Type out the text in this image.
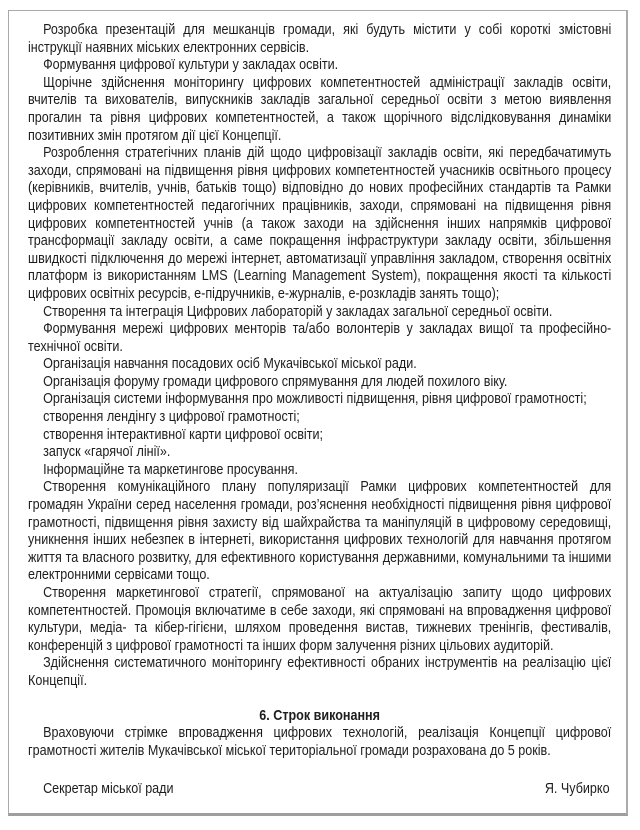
Розробка презентацій для мешканців громади, які будуть містити у собі короткі змістовні інструкції наявних міських електронних сервісів.

Формування цифрової культури у закладах освіти.

Щорічне здійснення моніторингу цифрових компетентностей адміністрації закладів освіти, вчителів та вихователів, випускників закладів загальної середньої освіти з метою виявлення прогалин та рівня цифрових компетентностей, а також щорічного відслідковування динаміки позитивних змін протягом дії цієї Концепції.

Розроблення стратегічних планів дій щодо цифровізації закладів освіти, які передбачатимуть заходи, спрямовані на підвищення рівня цифрових компетентностей учасників освітнього процесу (керівників, вчителів, учнів, батьків тощо) відповідно до нових професійних стандартів та Рамки цифрових компетентностей педагогічних працівників, заходи, спрямовані на підвищення рівня цифрових компетентностей учнів (а також заходи на здійснення інших напрямків цифрової трансформації закладу освіти, а саме покращення інфраструктури закладу освіти, збільшення швидкості підключення до мережі інтернет, автоматизації управління закладом, створення освітніх платформ із використанням LMS (Learning Management System), покращення якості та кількості цифрових освітніх ресурсів, е-підручників, е-журналів, е-розкладів занять тощо);

Створення та інтеграція Цифрових лабораторій у закладах загальної середньої освіти.

Формування мережі цифрових менторів та/або волонтерів у закладах вищої та професійно-технічної освіти.

Організація навчання посадових осіб Мукачівської міської ради.

Організація форуму громади цифрового спрямування для людей похилого віку.

Організація системи інформування про можливості підвищення, рівня цифрової грамотності;

створення лендінгу з цифрової грамотності;

створення інтерактивної карти цифрової освіти;

запуск «гарячої лінії».

Інформаційне та маркетингове просування.

Створення комунікаційного плану популяризації Рамки цифрових компетентностей для громадян України серед населення громади, роз’яснення необхідності підвищення рівня цифрової грамотності, підвищення рівня захисту від шайхрайства та маніпуляцій в цифровому середовищі, уникнення інших небезпек в інтернеті, використання цифрових технологій для навчання протягом життя та власного розвитку, для ефективного користування державними, комунальними та іншими електронними сервісами тощо.

Створення маркетингової стратегії, спрямованої на актуалізацію запиту щодо цифрових компетентностей. Промоція включатиме в себе заходи, які спрямовані на впровадження цифрової культури, медіа- та кібер-гігієни, шляхом проведення вистав, тижневих тренінгів, фестивалів, конференцій з цифрової грамотності та інших форм залучення різних цільових аудиторій.

Здійснення систематичного моніторингу ефективності обраних інструментів на реалізацію цієї Концепції.

6. Строк виконання

Враховуючи стрімке впровадження цифрових технологій, реалізація Концепції цифрової грамотності жителів Мукачівської міської територіальної громади розрахована до 5 років.

Секретар міської ради	Я. Чубирко
